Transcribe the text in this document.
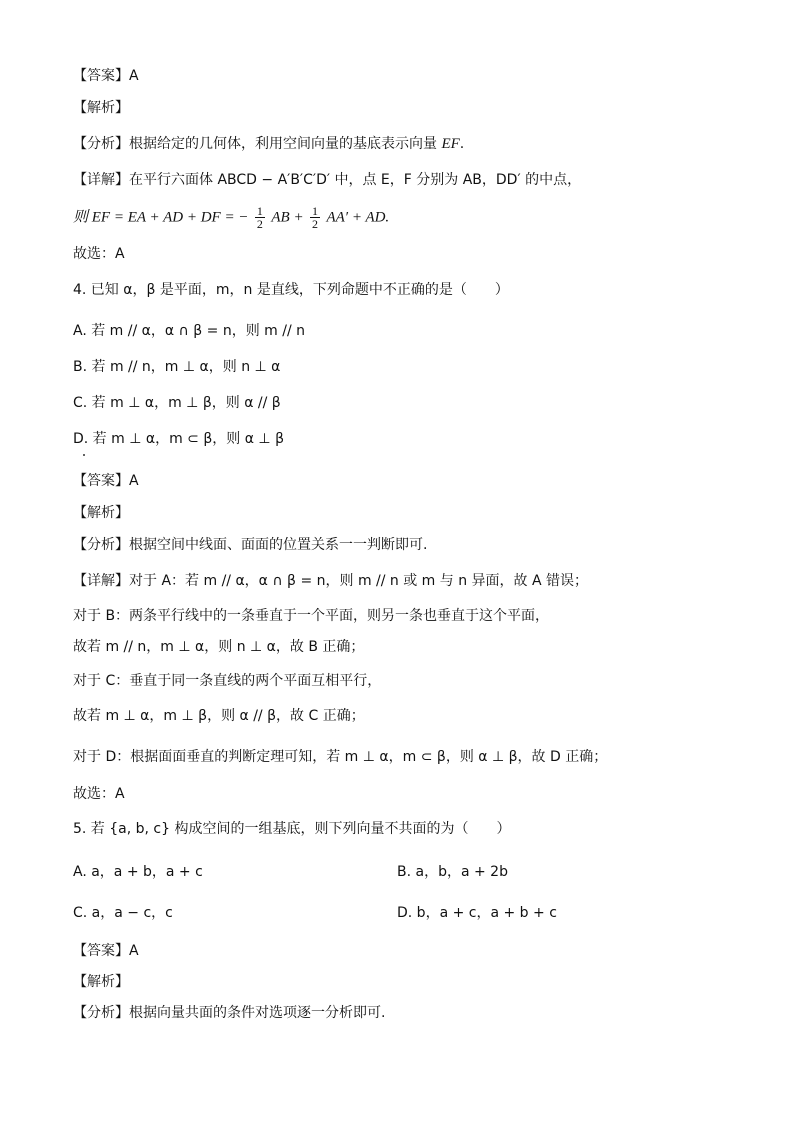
【答案】A
【解析】
【分析】根据给定的几何体，利用空间向量的基底表示向量 EF.
【详解】在平行六面体 ABCD − A′B′C′D′ 中，点 E，F 分别为 AB，DD′ 的中点，
则 EF = EA + AD + DF = − $\frac{1}{2}$ AB + $\frac{1}{2} AA'$ + AD.
故选：A
4. 已知 α，β 是平面，m，n 是直线，下列命题中不正确的是（　　）
A. 若 m // α，α ∩ β = n，则 m // n
B. 若 m // n，m ⊥ α，则 n ⊥ α
C. 若 m ⊥ α，m ⊥ β，则 α // β
D. 若 m ⊥ α，m ⊂ β，则 α ⊥ β
【答案】A
【解析】
【分析】根据空间中线面、面面的位置关系一一判断即可.
【详解】对于 A：若 m // α，α ∩ β = n，则 m // n 或 m 与 n 异面，故 A 错误；
对于 B：两条平行线中的一条垂直于一个平面，则另一条也垂直于这个平面，
故若 m // n，m ⊥ α，则 n ⊥ α，故 B 正确；
对于 C：垂直于同一条直线的两个平面互相平行，
故若 m ⊥ α，m ⊥ β，则 α // β，故 C 正确；
对于 D：根据面面垂直的判断定理可知，若 m ⊥ α，m ⊂ β，则 α ⊥ β，故 D 正确；
故选：A
5. 若 {a, b, c} 构成空间的一组基底，则下列向量不共面的为（　　）
A. a，a + b，a + c	B. a，b，a + 2b
C. a，a − c，c	D. b，a + c，a + b + c
【答案】A
【解析】
【分析】根据向量共面的条件对选项逐一分析即可.
